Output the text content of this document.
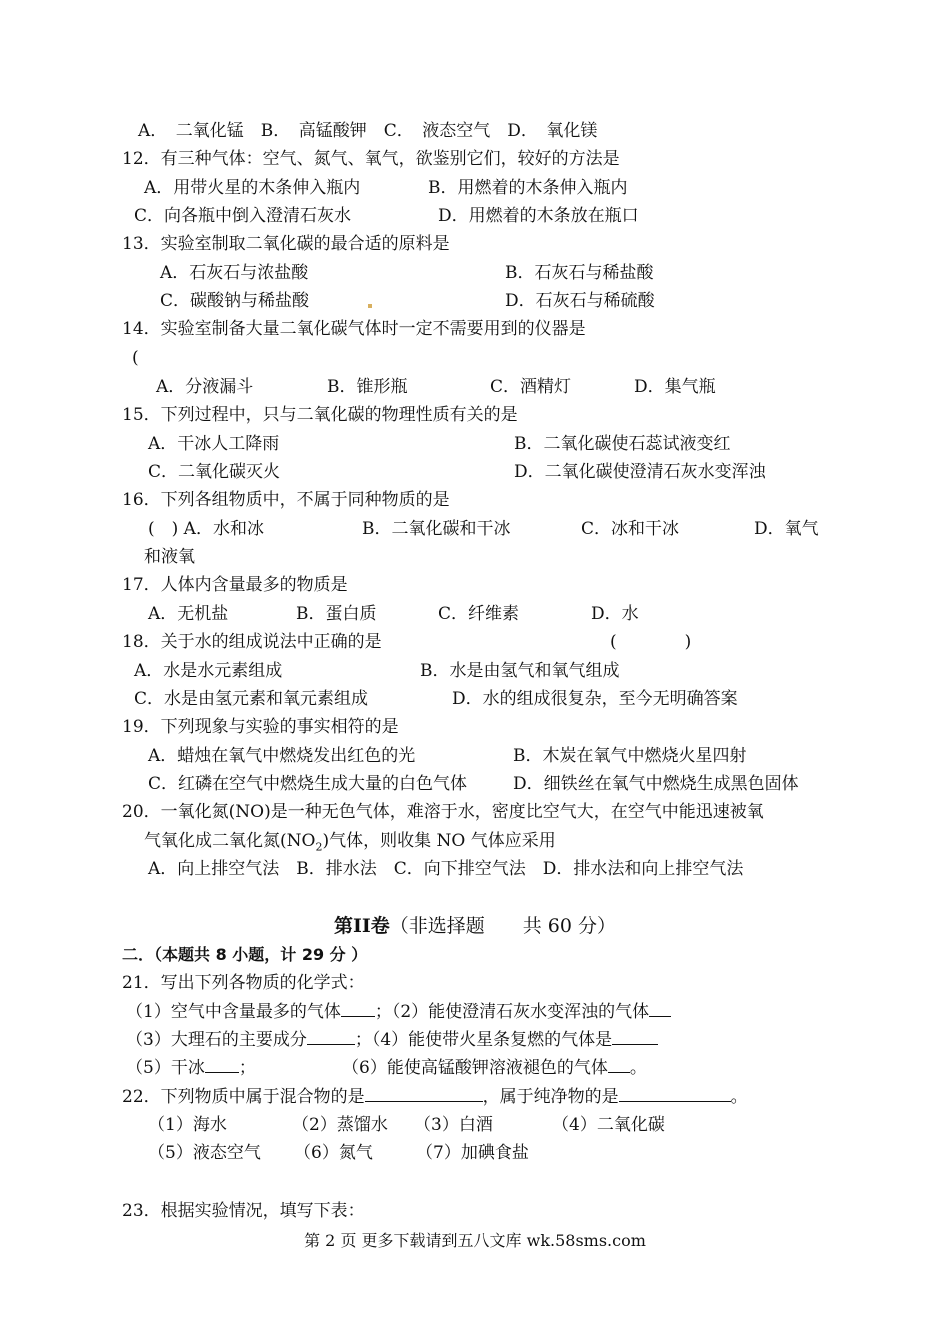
A．　二氧化锰　B．　高锰酸钾　C．　液态空气　D．　氧化镁
12．有三种气体：空气、氮气、氧气，欲鉴别它们，较好的方法是
A．用带火星的木条伸入瓶内	B．用燃着的木条伸入瓶内
C．向各瓶中倒入澄清石灰水	D．用燃着的木条放在瓶口
13．实验室制取二氧化碳的最合适的原料是
A．石灰石与浓盐酸	B．石灰石与稀盐酸
C．碳酸钠与稀盐酸	D．石灰石与稀硫酸
14．实验室制备大量二氧化碳气体时一定不需要用到的仪器是
(
A．分液漏斗	B．锥形瓶	C．酒精灯	D．集气瓶
15．下列过程中，只与二氧化碳的物理性质有关的是
A．干冰人工降雨	B．二氧化碳使石蕊试液变红
C．二氧化碳灭火	D．二氧化碳使澄清石灰水变浑浊
16．下列各组物质中，不属于同种物质的是
(　) A．水和冰	B．二氧化碳和干冰	C．冰和干冰	D．氧气
和液氧
17．人体内含量最多的物质是
A．无机盐	B．蛋白质	C．纤维素	D．水
18．关于水的组成说法中正确的是	(　　　　)
A．水是水元素组成	B．水是由氢气和氧气组成
C．水是由氢元素和氧元素组成	D．水的组成很复杂，至今无明确答案
19．下列现象与实验的事实相符的是
A．蜡烛在氧气中燃烧发出红色的光	B．木炭在氧气中燃烧火星四射
C．红磷在空气中燃烧生成大量的白色气体	D．细铁丝在氧气中燃烧生成黑色固体
20．一氧化氮(NO)是一种无色气体，难溶于水，密度比空气大，在空气中能迅速被氧
气氧化成二氧化氮$(NO_2)$气体，则收集 NO 气体应采用
A．向上排空气法　B．排水法　C．向下排空气法　D．排水法和向上排空气法
第II卷（非选择题　　共 60 分）
二．（本题共 8 小题，计 29 分 ）
21．写出下列各物质的化学式：
（1）空气中含量最多的气体 ；（2）能使澄清石灰水变浑浊的气体
（3）大理石的主要成分	；（4）能使带火星条复燃的气体是
（5）干冰 ；	（6）能使高锰酸钾溶液褪色的气体 。
22．下列物质中属于混合物的是	，属于纯净物的是	。
（1）海水	（2）蒸馏水 （3）白酒	（4）二氧化碳
（5）液态空气 （6）氮气	（7）加碘食盐
23．根据实验情况，填写下表：
第 2 页 更多下载请到五八文库 wk.58sms.com
